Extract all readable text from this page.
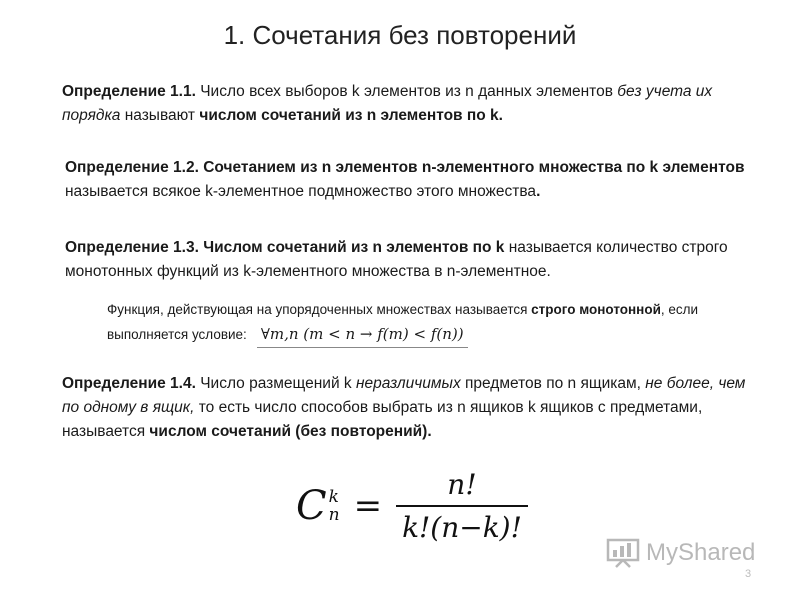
1. Сочетания без повторений
Определение 1.1. Число всех выборов k элементов из n данных элементов без учета их порядка называют числом сочетаний из n элементов по k.
Определение 1.2. Сочетанием из n элементов n-элементного множества по k элементов называется всякое k-элементное подмножество этого множества.
Определение 1.3. Числом сочетаний из n элементов по k называется количество строго монотонных функций из k-элементного множества в n-элементное.
Функция, действующая на упорядоченных множествах называется строго монотонной, если выполняется условие: ∀m,n (m < n → f(m) < f(n))
Определение 1.4. Число размещений k неразличимых предметов по n ящикам, не более, чем по одному в ящик, то есть число способов выбрать из n ящиков k ящиков с предметами, называется числом сочетаний (без повторений).
C k
$n = \frac{n!}{k!(n-k)!}$
MyShared
3
